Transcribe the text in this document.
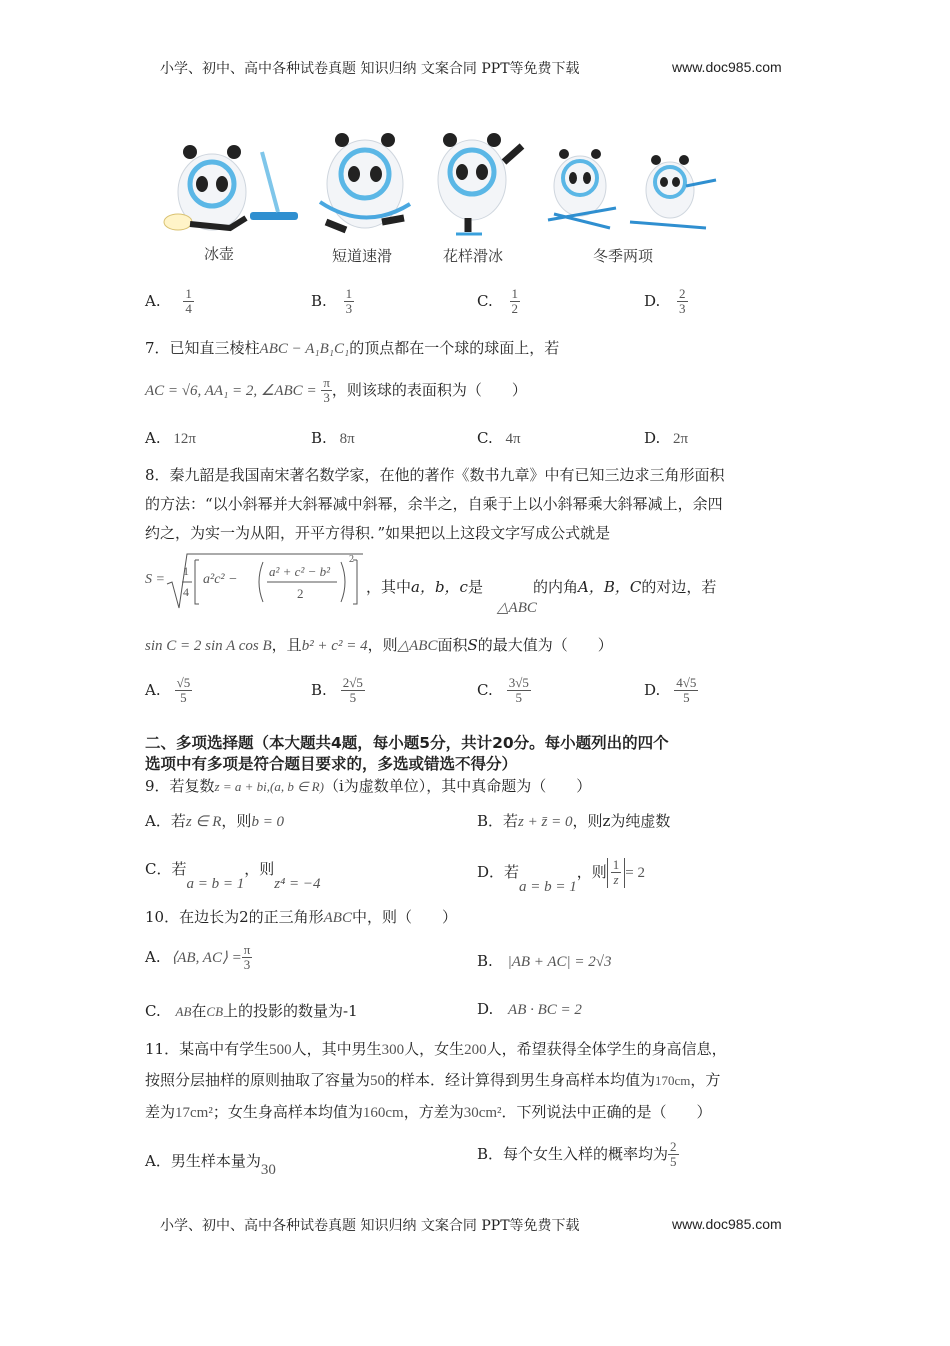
小学、初中、高中各种试卷真题 知识归纳 文案合同 PPT等免费下载	www.doc985.com
冰壶	短道速滑	花样滑冰	冬季两项
A. $\frac{1}{4}$	B. $\frac{1}{3}$	C. $\frac{1}{2}$	D. $\frac{2}{3}$
7．已知直三棱柱ABC − A₁B₁C₁的顶点都在一个球的球面上，若
AC = √6, AA₁ = 2, ∠ABC = $\frac{\pi}{3}$ ，则该球的表面积为（　　）
A. 12π	B. 8π	C. 4π	D. 2π
8．秦九韶是我国南宋著名数学家，在他的著作《数书九章》中有已知三边求三角形面积
的方法：“以小斜幂并大斜幂减中斜幂，余半之，自乘于上以小斜幂乘大斜幂减上，余四
约之，为实一为从阳，开平方得积．”如果把以上这段文字写成公式就是
S =
1
4
a²c² −
a² + c² − b²
2
2
，其中a，b，c是	的内角A，B，C的对边，若
△ABC
sin C = 2 sin A cos B，且b² + c² = 4，则△ABC面积S的最大值为（　　）
A. $\frac{√5}{5}$	B. $\frac{2√5}{5}$	C. $\frac{3√5}{5}$	D. $\frac{4√5}{5}$
二、多项选择题（本大题共4题，每小题5分，共计20分。每小题列出的四个
选项中有多项是符合题目要求的，多选或错选不得分）
9．若复数z = a + bi,(a, b ∈ R)（i为虚数单位），其中真命题为（　　）
A．若z ∈ R，则b = 0	B．若z + z̄ = 0，则z为纯虚数
C．若a = b = 1，则z⁴ = −4
D．若a = b = 1，则 $\frac{1}{z} = 2$
10．在边长为2的正三角形ABC中，则（　　）
A. ⟨AB, AC⟩ = $\frac{\pi}{3}$	B. |AB + AC| = 2√3
C. AB在CB上的投影的数量为-1	D. AB · BC = 2
11．某高中有学生500人，其中男生300人，女生200人，希望获得全体学生的身高信息，
按照分层抽样的原则抽取了容量为50的样本．经计算得到男生身高样本均值为170cm，方
差为17cm²；女生身高样本均值为160cm，方差为30cm²．下列说法中正确的是（　　）
A．男生样本量为30
B．每个女生入样的概率均为 $\frac{2}{5}$
小学、初中、高中各种试卷真题 知识归纳 文案合同 PPT等免费下载	www.doc985.com
